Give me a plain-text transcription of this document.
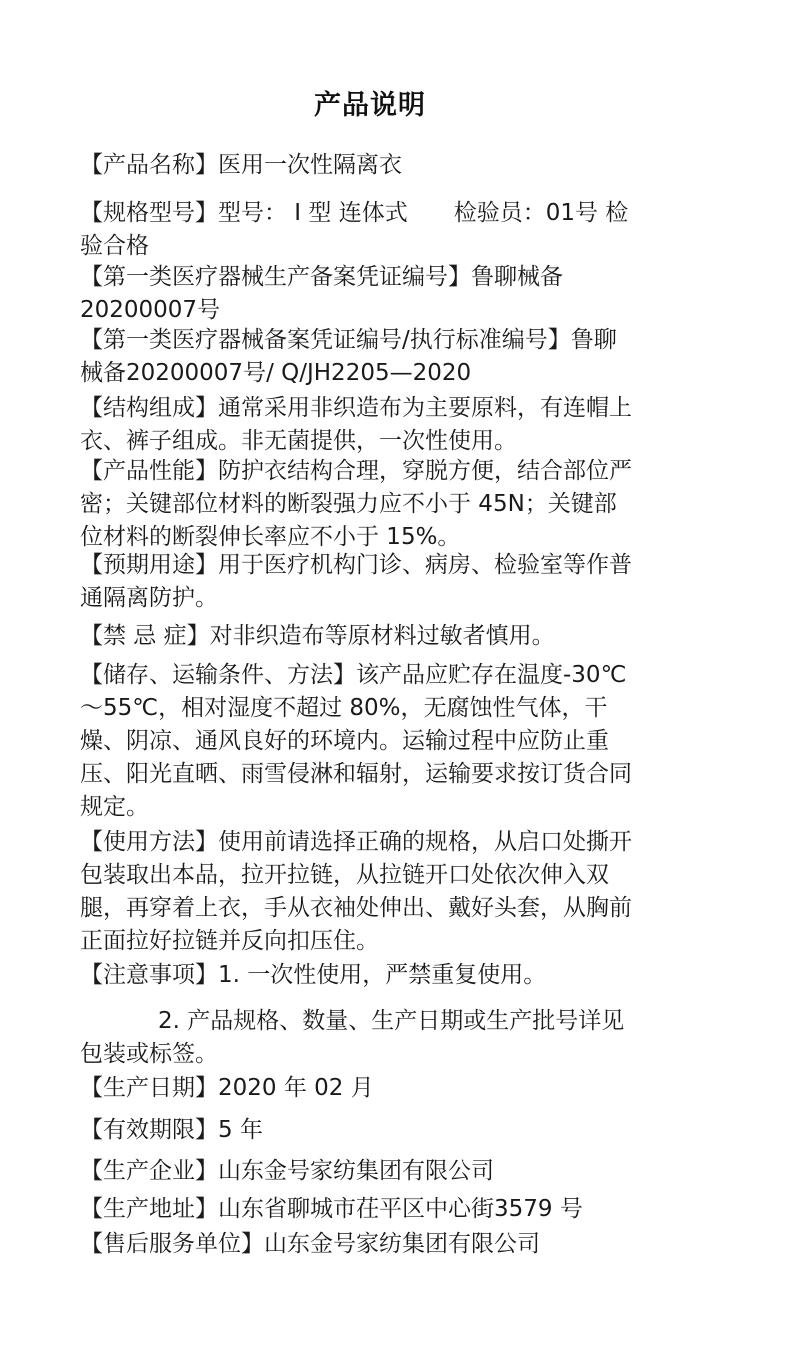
产品说明
【产品名称】医用一次性隔离衣
【规格型号】型号： I 型 连体式　　检验员：01号 检
验合格
【第一类医疗器械生产备案凭证编号】鲁聊械备
20200007号
【第一类医疗器械备案凭证编号/执行标准编号】鲁聊
械备20200007号/ Q/JH2205—2020
【结构组成】通常采用非织造布为主要原料，有连帽上
衣、裤子组成。非无菌提供，一次性使用。
【产品性能】防护衣结构合理，穿脱方便，结合部位严
密；关键部位材料的断裂强力应不小于 45N；关键部
位材料的断裂伸长率应不小于 15%。
【预期用途】用于医疗机构门诊、病房、检验室等作普
通隔离防护。
【禁 忌 症】对非织造布等原材料过敏者慎用。
【储存、运输条件、方法】该产品应贮存在温度-30℃
～55℃，相对湿度不超过 80%，无腐蚀性气体，干
燥、阴凉、通风良好的环境内。运输过程中应防止重
压、阳光直晒、雨雪侵淋和辐射，运输要求按订货合同
规定。
【使用方法】使用前请选择正确的规格，从启口处撕开
包装取出本品，拉开拉链，从拉链开口处依次伸入双
腿，再穿着上衣，手从衣袖处伸出、戴好头套，从胸前
正面拉好拉链并反向扣压住。
【注意事项】1. 一次性使用，严禁重复使用。
2. 产品规格、数量、生产日期或生产批号详见
包装或标签。
【生产日期】2020 年 02 月
【有效期限】5 年
【生产企业】山东金号家纺集团有限公司
【生产地址】山东省聊城市茌平区中心街3579 号
【售后服务单位】山东金号家纺集团有限公司
